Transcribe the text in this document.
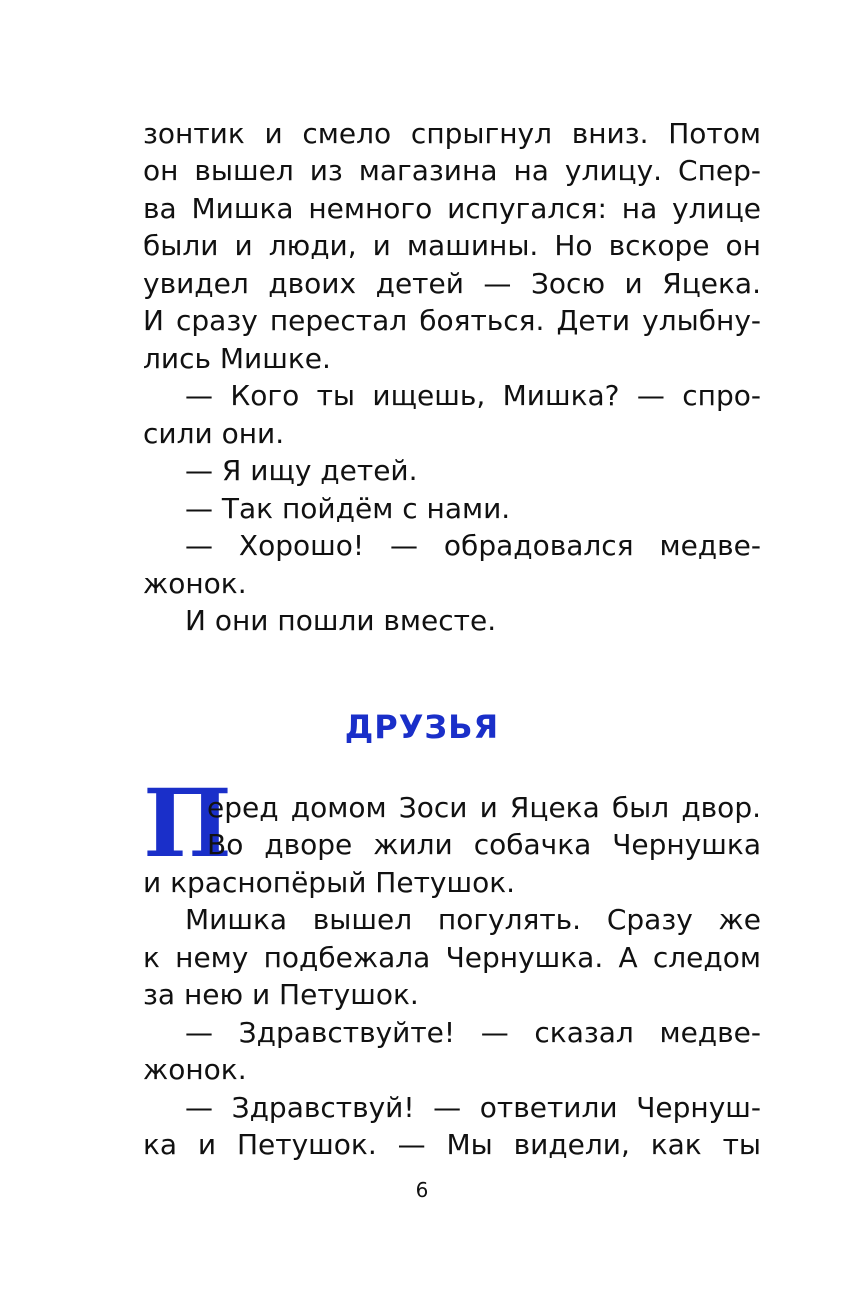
зонтик и смело спрыгнул вниз. Потом
он вышел из магазина на улицу. Спер-
ва Мишка немного испугался: на улице
были и люди, и машины. Но вскоре он
увидел двоих детей — Зосю и Яцека.
И сразу перестал бояться. Дети улыбну-
лись Мишке.
— Кого ты ищешь, Мишка? — спро-
сили они.
— Я ищу детей.
— Так пойдём с нами.
— Хорошо! — обрадовался медве-
жонок.
И они пошли вместе.
ДРУЗЬЯ
П
еред домом Зоси и Яцека был двор.
Во дворе жили собачка Чернушка
и краснопёрый Петушок.
Мишка вышел погулять. Сразу же
к нему подбежала Чернушка. А следом
за нею и Петушок.
— Здравствуйте! — сказал медве-
жонок.
— Здравствуй! — ответили Чернуш-
ка и Петушок. — Мы видели, как ты
6
